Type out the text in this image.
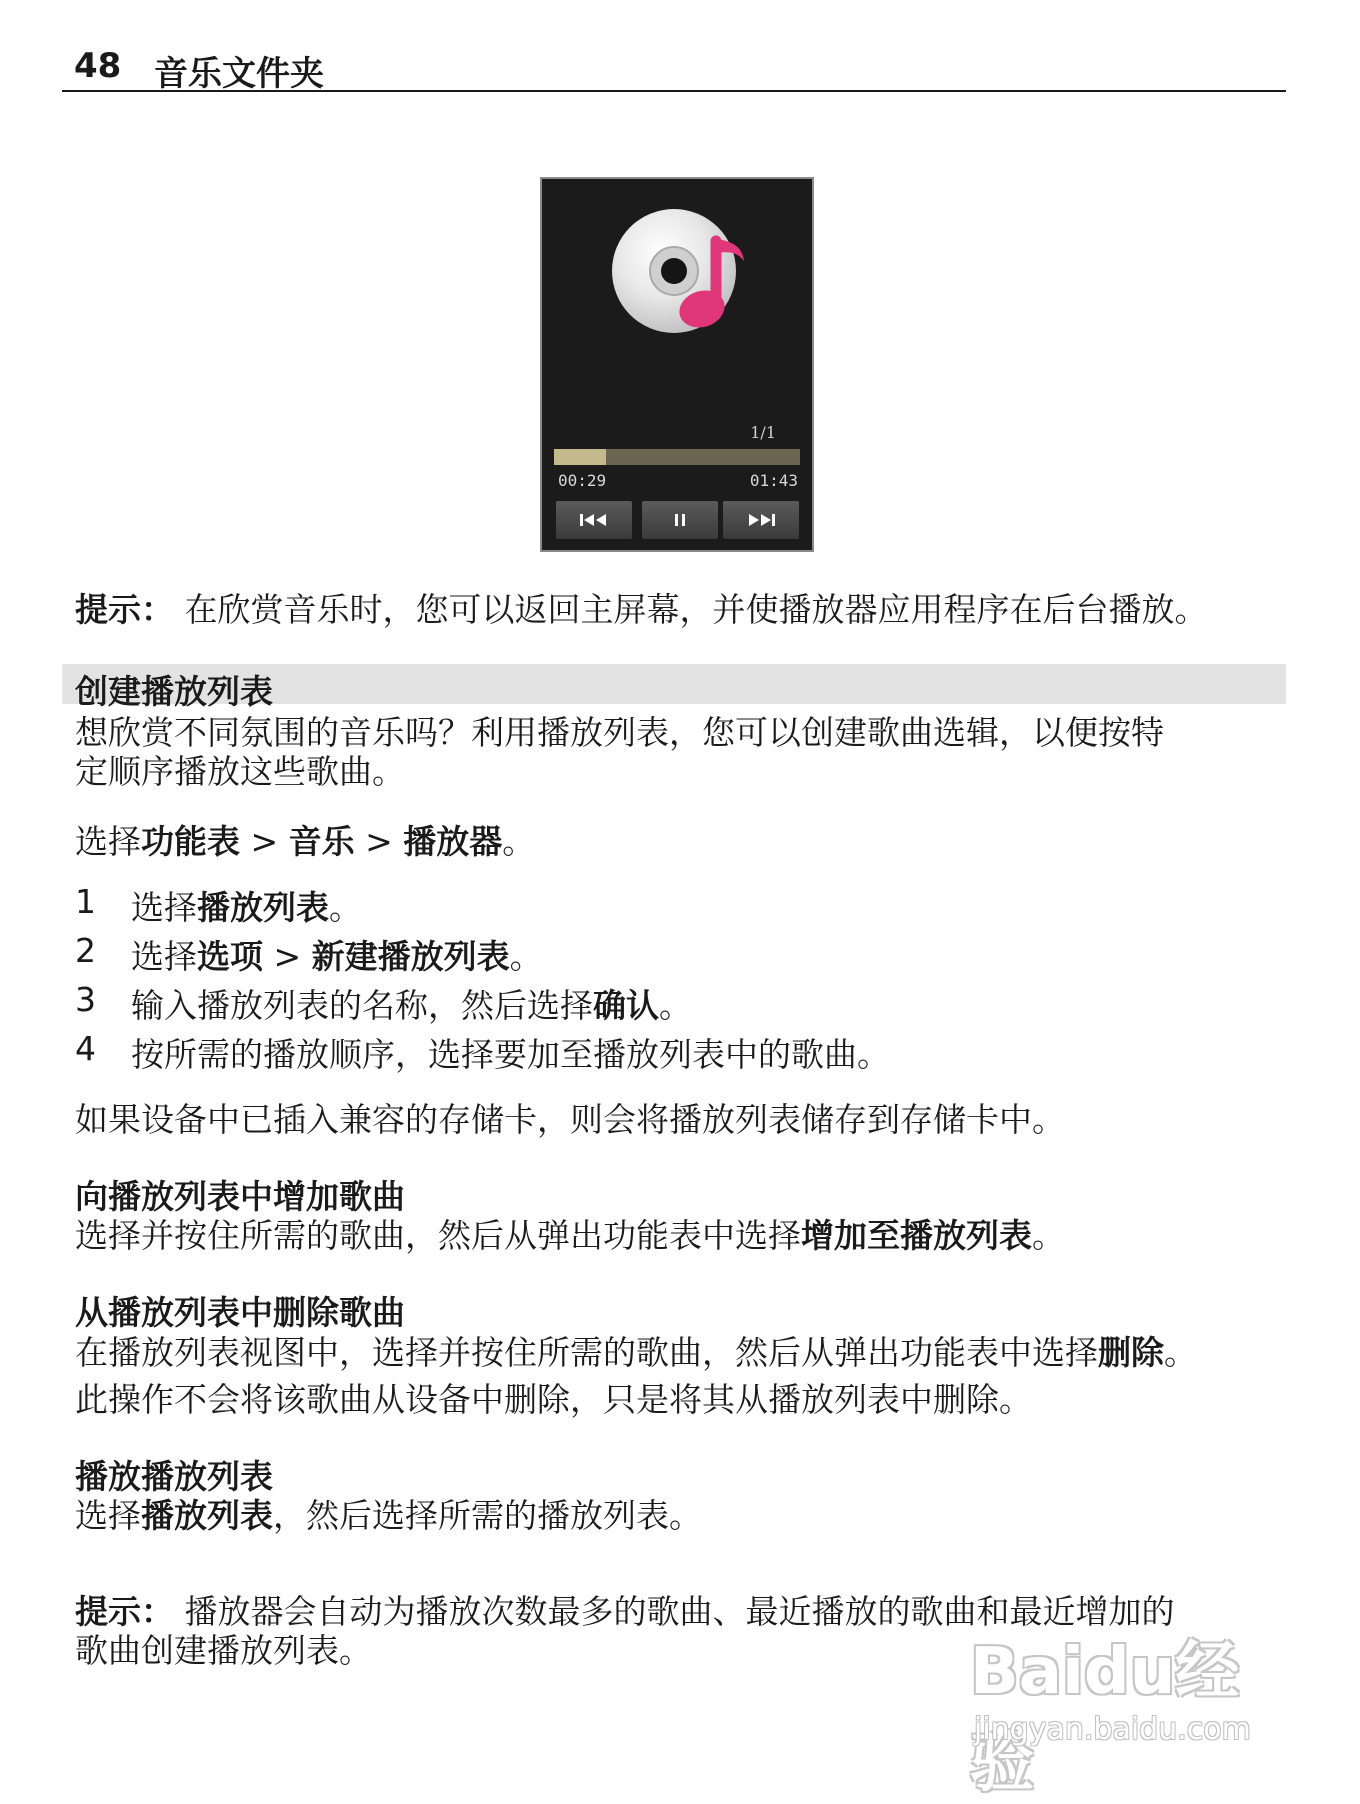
48 音乐文件夹
1/1
00:29	01:43

提示： 在欣赏音乐时，您可以返回主屏幕，并使播放器应用程序在后台播放。

创建播放列表

想欣赏不同氛围的音乐吗？利用播放列表，您可以创建歌曲选辑，以便按特

定顺序播放这些歌曲。

选择功能表 > 音乐 > 播放器。

1 选择播放列表。
2 选择选项 > 新建播放列表。
3 输入播放列表的名称，然后选择确认。
4 按所需的播放顺序，选择要加至播放列表中的歌曲。

如果设备中已插入兼容的存储卡，则会将播放列表储存到存储卡中。

向播放列表中增加歌曲

选择并按住所需的歌曲，然后从弹出功能表中选择增加至播放列表。

从播放列表中删除歌曲

在播放列表视图中，选择并按住所需的歌曲，然后从弹出功能表中选择删除。

此操作不会将该歌曲从设备中删除，只是将其从播放列表中删除。

播放播放列表

选择播放列表，然后选择所需的播放列表。

提示： 播放器会自动为播放次数最多的歌曲、最近播放的歌曲和最近增加的

歌曲创建播放列表。	Baidu经验
jingyan.baidu.com
